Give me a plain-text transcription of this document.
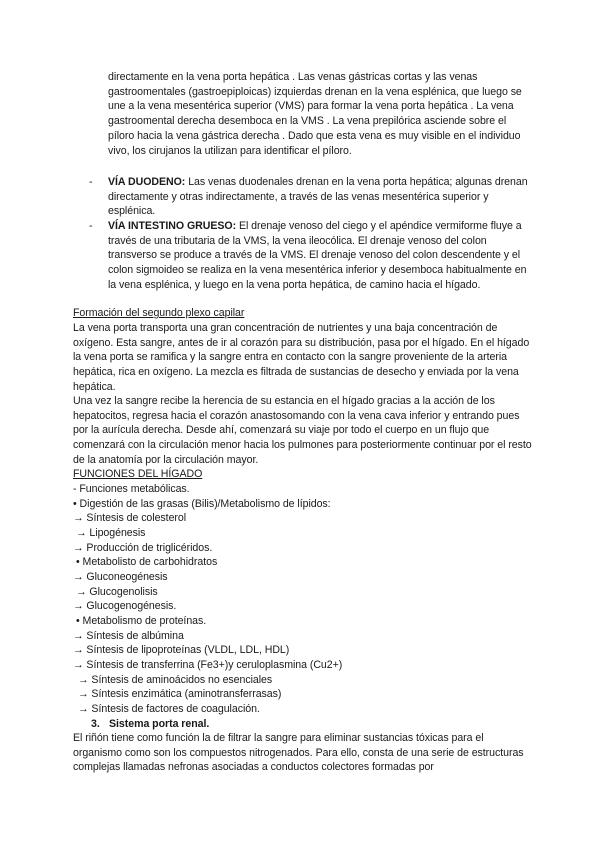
directamente en la vena porta hepática . Las venas gástricas cortas y las venas gastroomentales (gastroepiploicas) izquierdas drenan en la vena esplénica, que luego se une a la vena mesentérica superior (VMS) para formar la vena porta hepática . La vena gastroomental derecha desemboca en la VMS . La vena prepilórica asciende sobre el píloro hacia la vena gástrica derecha . Dado que esta vena es muy visible en el individuo vivo, los cirujanos la utilizan para identificar el píloro.
- VÍA DUODENO: Las venas duodenales drenan en la vena porta hepática; algunas drenan directamente y otras indirectamente, a través de las venas mesentérica superior y esplénica.
- VÍA INTESTINO GRUESO: El drenaje venoso del ciego y el apéndice vermiforme fluye a través de una tributaria de la VMS, la vena ileocólica. El drenaje venoso del colon transverso se produce a través de la VMS. El drenaje venoso del colon descendente y el colon sigmoideo se realiza en la vena mesentérica inferior y desemboca habitualmente en la vena esplénica, y luego en la vena porta hepática, de camino hacia el hígado.
Formación del segundo plexo capilar
La vena porta transporta una gran concentración de nutrientes y una baja concentración de oxígeno. Esta sangre, antes de ir al corazón para su distribución, pasa por el hígado. En el hígado la vena porta se ramifica y la sangre entra en contacto con la sangre proveniente de la arteria hepática, rica en oxígeno. La mezcla es filtrada de sustancias de desecho y enviada por la vena hepática.
Una vez la sangre recibe la herencia de su estancia en el hígado gracias a la acción de los hepatocitos, regresa hacia el corazón anastosomando con la vena cava inferior y entrando pues por la aurícula derecha. Desde ahí, comenzará su viaje por todo el cuerpo en un flujo que comenzará con la circulación menor hacia los pulmones para posteriormente continuar por el resto de la anatomía por la circulación mayor.
FUNCIONES DEL HÍGADO
- Funciones metabólicas.
• Digestión de las grasas (Bilis)/Metabolismo de lípidos:
→ Síntesis de colesterol
→ Lipogénesis
→ Producción de triglicéridos.
• Metabolisto de carbohidratos
→ Gluconeogénesis
→ Glucogenolisis
→ Glucogenogénesis.
• Metabolismo de proteínas.
→ Síntesis de albúmina
→ Síntesis de lipoproteínas (VLDL, LDL, HDL)
→ Síntesis de transferrina (Fe3+)y ceruloplasmina (Cu2+)
→ Síntesis de aminoácidos no esenciales
→ Síntesis enzimática (aminotransferrasas)
→ Síntesis de factores de coagulación.
3. Sistema porta renal.
El riñón tiene como función la de filtrar la sangre para eliminar sustancias tóxicas para el organismo como son los compuestos nitrogenados. Para ello, consta de una serie de estructuras complejas llamadas nefronas asociadas a conductos colectores formadas por
